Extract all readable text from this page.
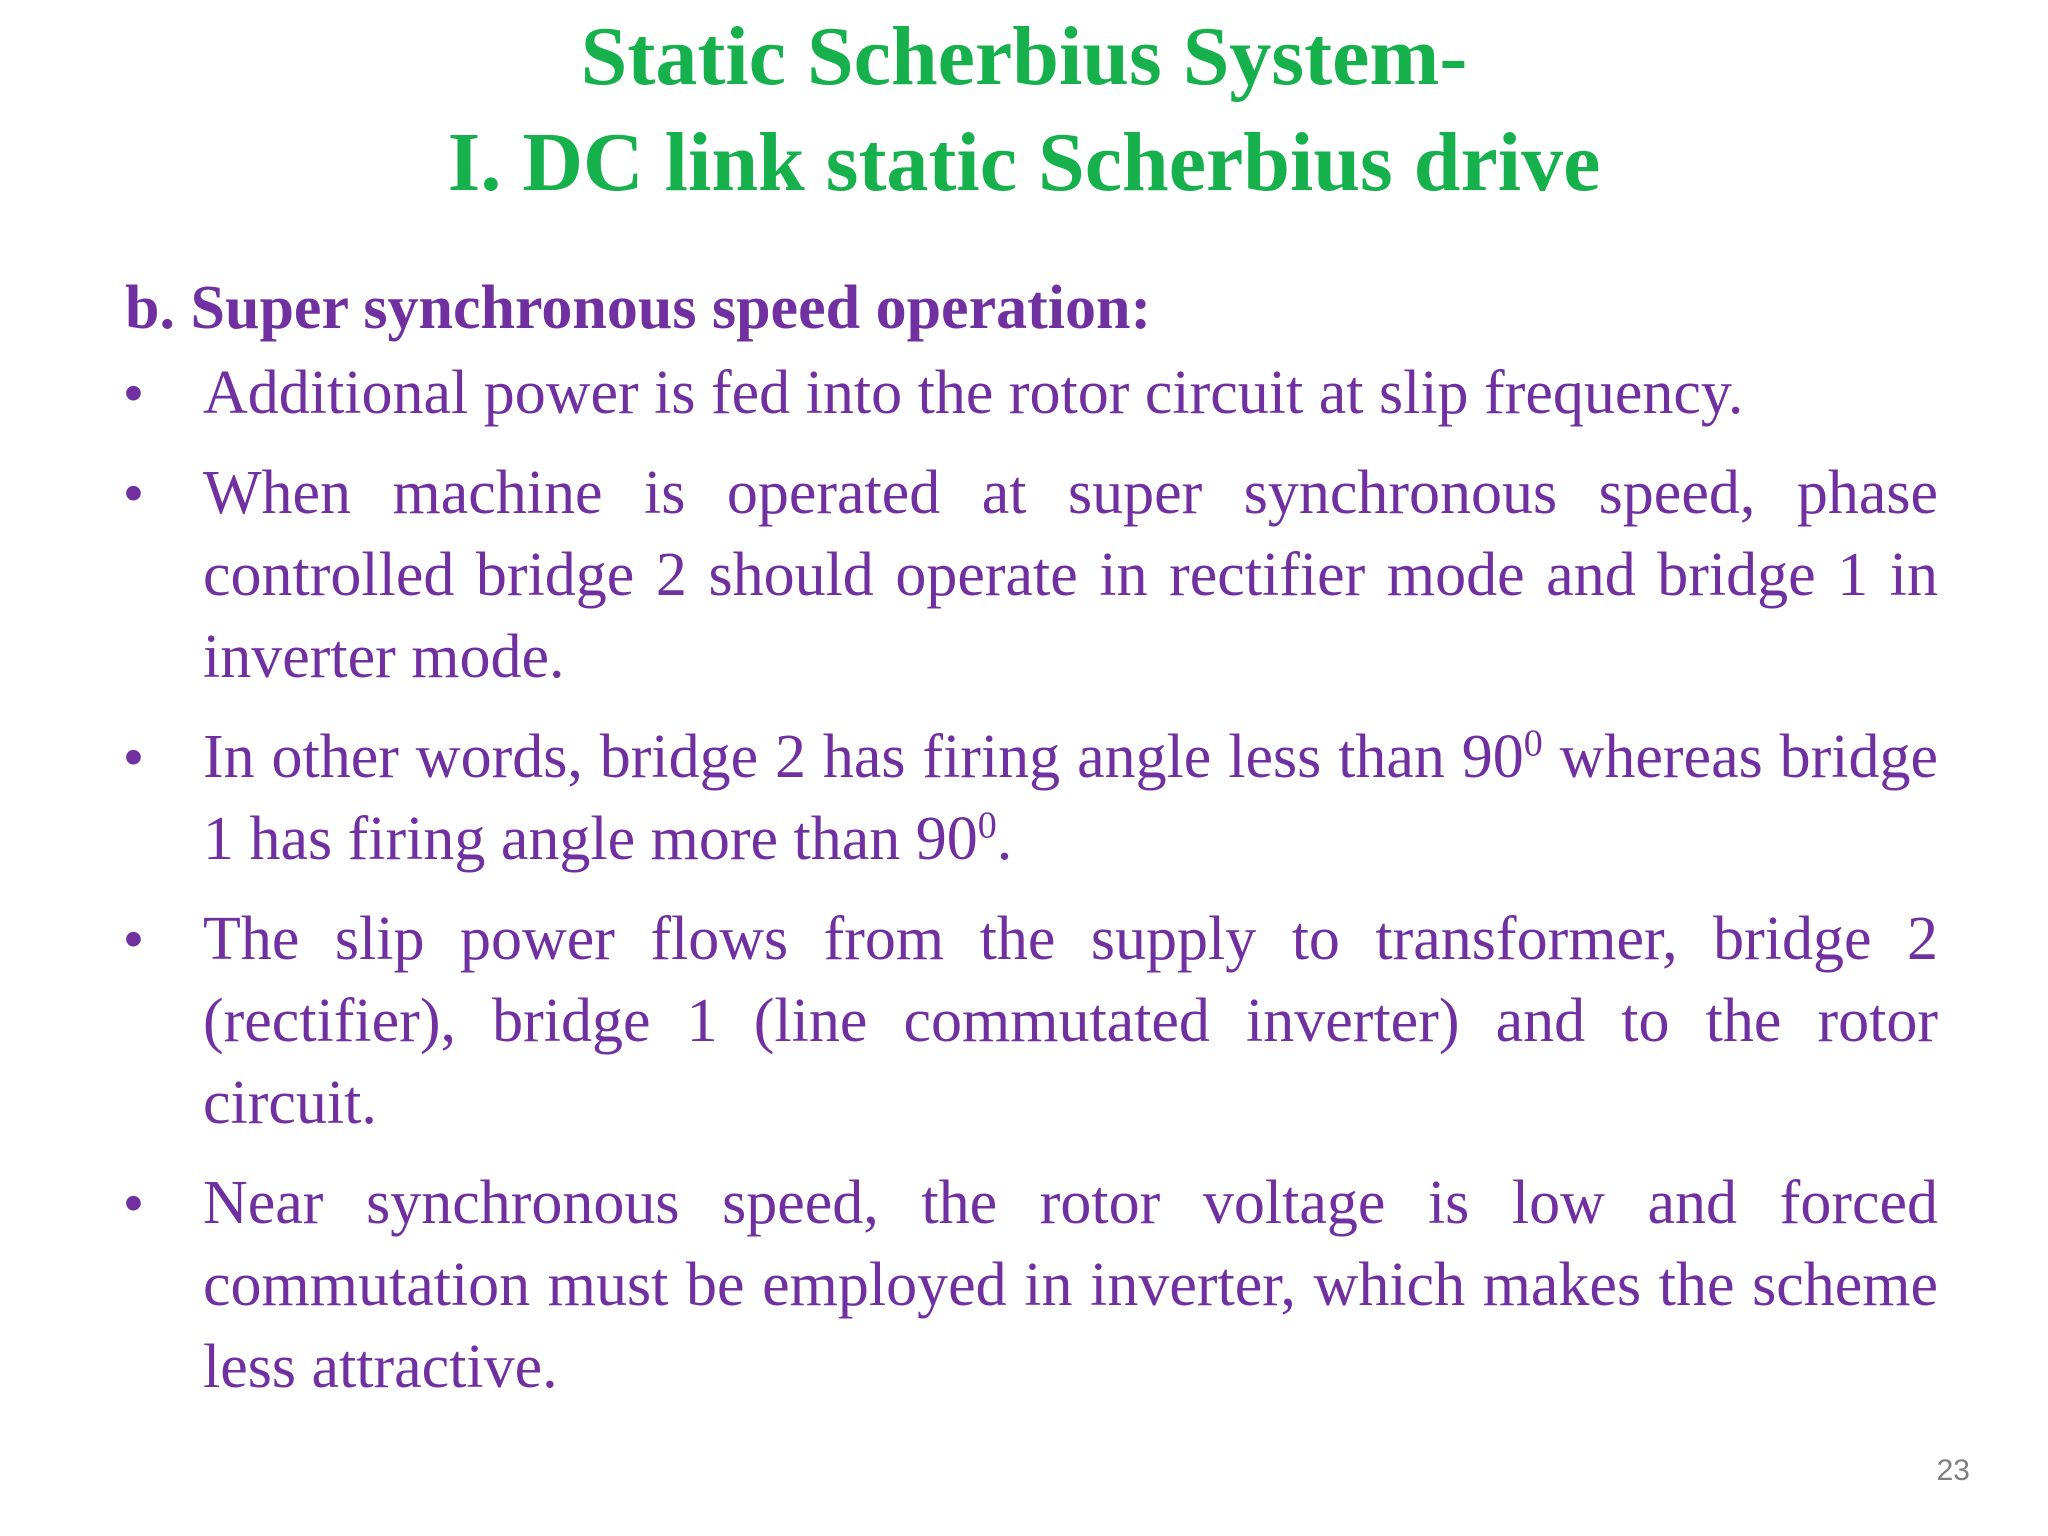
Static Scherbius System-
I. DC link static Scherbius drive
b. Super synchronous speed operation:
• Additional power is fed into the rotor circuit at slip frequency.
• When machine is operated at super synchronous speed, phase controlled bridge 2 should operate in rectifier mode and bridge 1 in inverter mode.
• In other words, bridge 2 has firing angle less than $90^0$ whereas bridge 1 has firing angle more than $90^0$.
• The slip power flows from the supply to transformer, bridge 2 (rectifier), bridge 1 (line commutated inverter) and to the rotor circuit.
• Near synchronous speed, the rotor voltage is low and forced commutation must be employed in inverter, which makes the scheme less attractive.
23
